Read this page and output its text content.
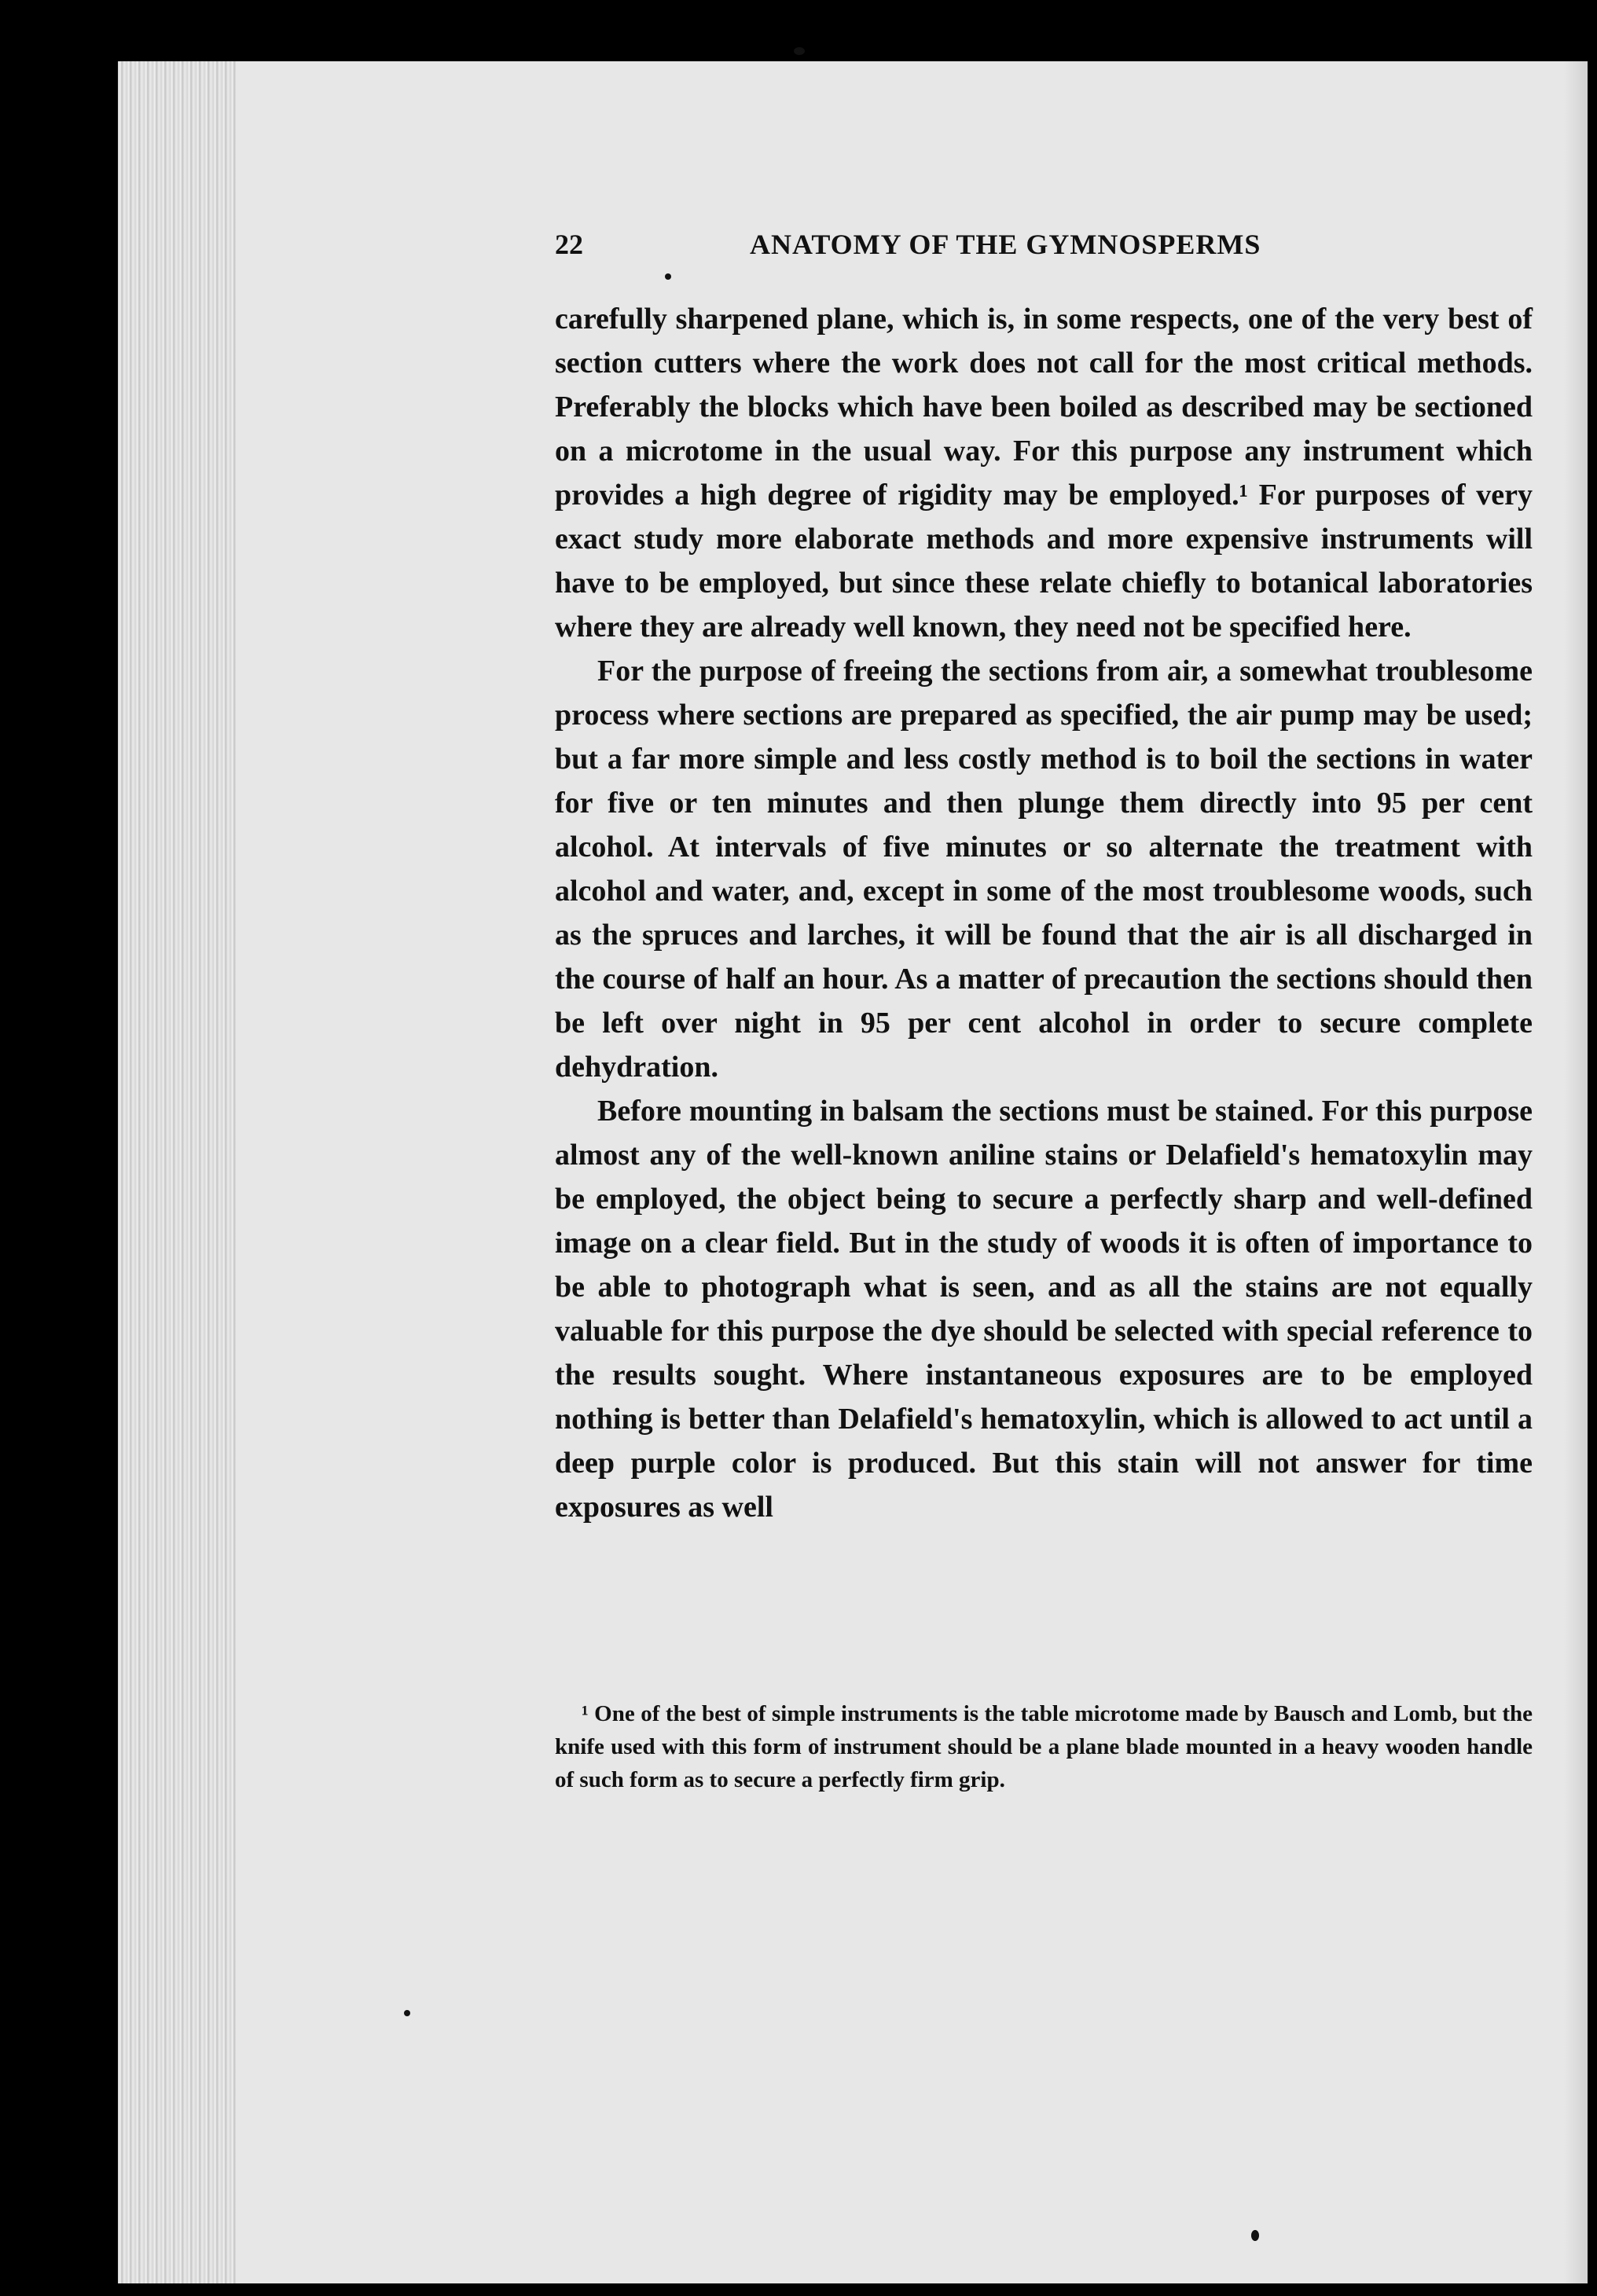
22	ANATOMY OF THE GYMNOSPERMS

carefully sharpened plane, which is, in some respects, one of the very best of section cutters where the work does not call for the most critical methods. Preferably the blocks which have been boiled as described may be sectioned on a microtome in the usual way. For this purpose any instrument which provides a high degree of rigidity may be employed.¹ For purposes of very exact study more elaborate methods and more expensive instruments will have to be employed, but since these relate chiefly to botanical laboratories where they are already well known, they need not be specified here.

For the purpose of freeing the sections from air, a somewhat troublesome process where sections are prepared as specified, the air pump may be used; but a far more simple and less costly method is to boil the sections in water for five or ten minutes and then plunge them directly into 95 per cent alcohol. At intervals of five minutes or so alternate the treatment with alcohol and water, and, except in some of the most troublesome woods, such as the spruces and larches, it will be found that the air is all discharged in the course of half an hour. As a matter of precaution the sections should then be left over night in 95 per cent alcohol in order to secure complete dehydration.

Before mounting in balsam the sections must be stained. For this purpose almost any of the well-known aniline stains or Delafield's hematoxylin may be employed, the object being to secure a perfectly sharp and well-defined image on a clear field. But in the study of woods it is often of importance to be able to photograph what is seen, and as all the stains are not equally valuable for this purpose the dye should be selected with special reference to the results sought. Where instantaneous exposures are to be employed nothing is better than Delafield's hematoxylin, which is allowed to act until a deep purple color is produced. But this stain will not answer for time exposures as well

¹ One of the best of simple instruments is the table microtome made by Bausch and Lomb, but the knife used with this form of instrument should be a plane blade mounted in a heavy wooden handle of such form as to secure a perfectly firm grip.
